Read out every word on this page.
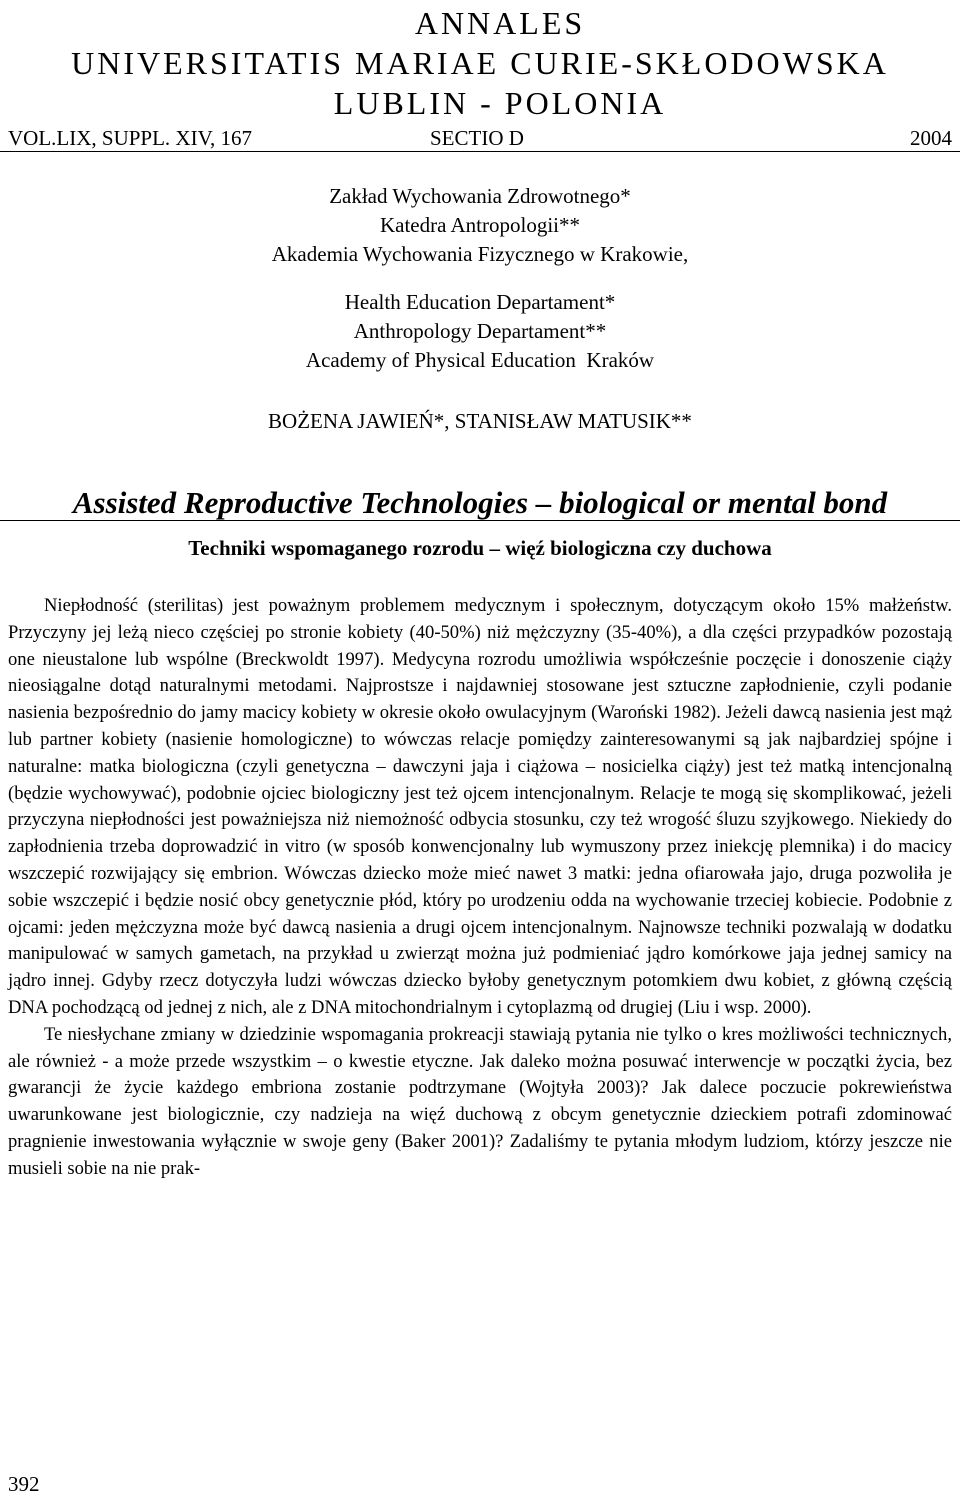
ANNALES
UNIVERSITATIS MARIAE CURIE-SKŁODOWSKA
LUBLIN - POLONIA
VOL.LIX, SUPPL. XIV, 167	SECTIO D	2004
Zakład Wychowania Zdrowotnego*
Katedra Antropologii**
Akademia Wychowania Fizycznego w Krakowie,
Health Education Departament*
Anthropology Departament**
Academy of Physical Education  Kraków
BOŻENA JAWIEŃ*, STANISŁAW MATUSIK**
Assisted Reproductive Technologies – biological or mental bond
Techniki wspomaganego rozrodu – więź biologiczna czy duchowa

Niepłodność (sterilitas) jest poważnym problemem medycznym i społecznym, dotyczącym około 15% małżeństw. Przyczyny jej leżą nieco częściej po stronie kobiety (40-50%) niż mężczyzny (35-40%), a dla części przypadków pozostają one nieustalone lub wspólne (Breckwoldt 1997). Medycyna rozrodu umożliwia współcześnie poczęcie i donoszenie ciąży nieosiągalne dotąd naturalnymi metodami. Najprostsze i najdawniej stosowane jest sztuczne zapłodnienie, czyli podanie nasienia bezpośrednio do jamy macicy kobiety w okresie około owulacyjnym (Waroński 1982). Jeżeli dawcą nasienia jest mąż lub partner kobiety (nasienie homologiczne) to wówczas relacje pomiędzy zainteresowanymi są jak najbardziej spójne i naturalne: matka biologiczna (czyli genetyczna – dawczyni jaja i ciążowa – nosicielka ciąży) jest też matką intencjonalną (będzie wychowywać), podobnie ojciec biologiczny jest też ojcem intencjonalnym. Relacje te mogą się skomplikować, jeżeli przyczyna niepłodności jest poważniejsza niż niemożność odbycia stosunku, czy też wrogość śluzu szyjkowego. Niekiedy do zapłodnienia trzeba doprowadzić in vitro (w sposób konwencjonalny lub wymuszony przez iniekcję plemnika) i do macicy wszczepić rozwijający się embrion. Wówczas dziecko może mieć nawet 3 matki: jedna ofiarowała jajo, druga pozwoliła je sobie wszczepić i będzie nosić obcy genetycznie płód, który po urodzeniu odda na wychowanie trzeciej kobiecie. Podobnie z ojcami: jeden mężczyzna może być dawcą nasienia a drugi ojcem intencjonalnym. Najnowsze techniki pozwalają w dodatku manipulować w samych gametach, na przykład u zwierząt można już podmieniać jądro komórkowe jaja jednej samicy na jądro innej. Gdyby rzecz dotyczyła ludzi wówczas dziecko byłoby genetycznym potomkiem dwu kobiet, z główną częścią DNA pochodzącą od jednej z nich, ale z DNA mitochondrialnym i cytoplazmą od drugiej (Liu i wsp. 2000).

Te niesłychane zmiany w dziedzinie wspomagania prokreacji stawiają pytania nie tylko o kres możliwości technicznych, ale również - a może przede wszystkim – o kwestie etyczne. Jak daleko można posuwać interwencje w początki życia, bez gwarancji że życie każdego embriona zostanie podtrzymane (Wojtyła 2003)? Jak dalece poczucie pokrewieństwa uwarunkowane jest biologicznie, czy nadzieja na więź duchową z obcym genetycznie dzieckiem potrafi zdominować pragnienie inwestowania wyłącznie w swoje geny (Baker 2001)? Zadaliśmy te pytania młodym ludziom, którzy jeszcze nie musieli sobie na nie prak-

392
